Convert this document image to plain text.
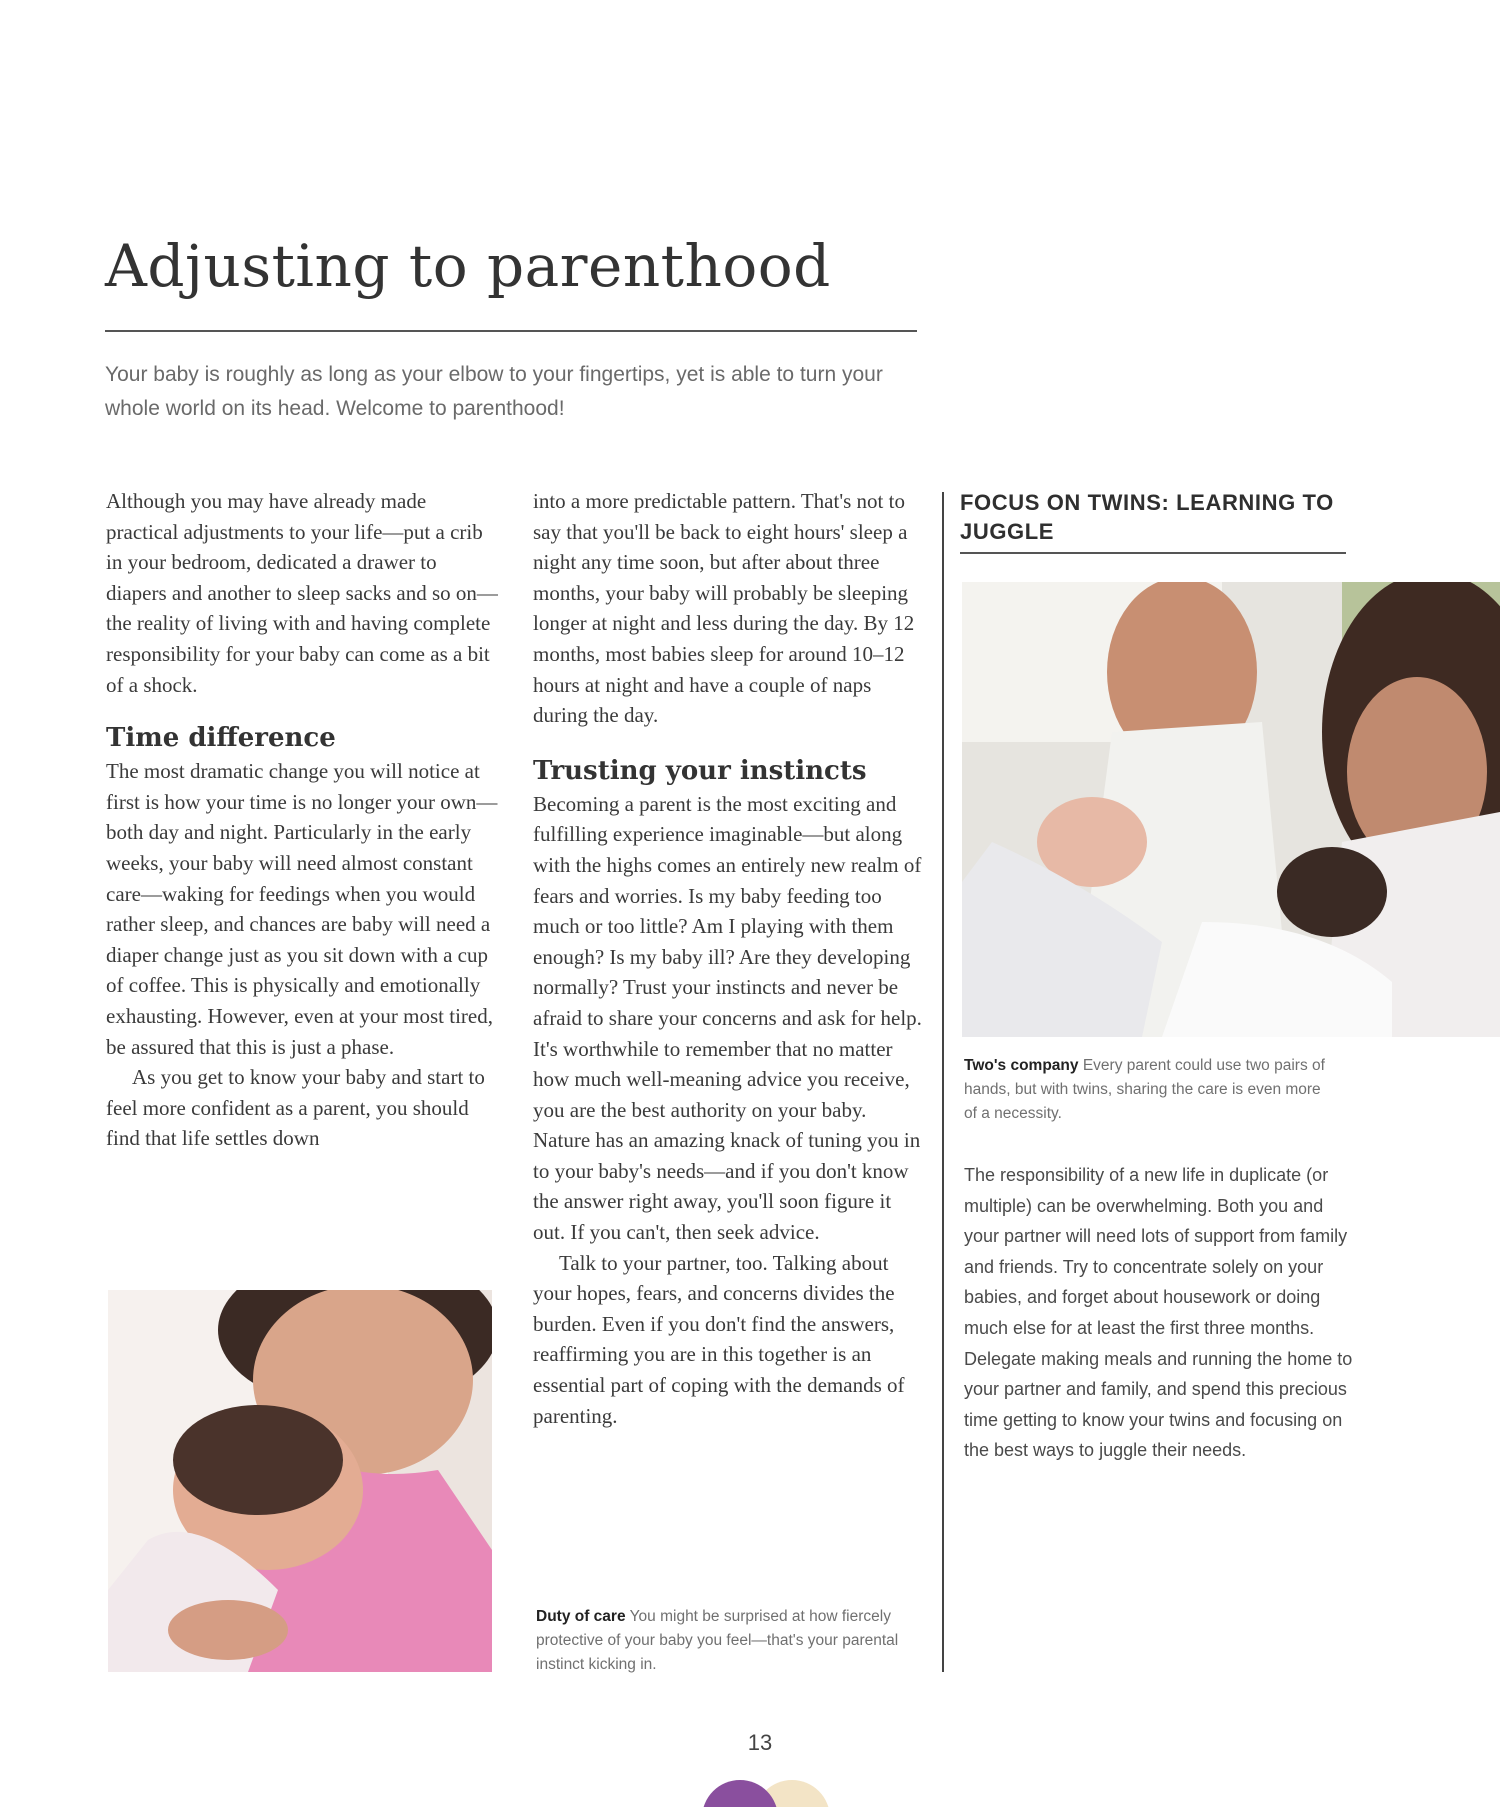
Adjusting to parenthood

Your baby is roughly as long as your elbow to your fingertips, yet is able to turn your whole world on its head. Welcome to parenthood!

Although you may have already made practical adjustments to your life—put a crib in your bedroom, dedicated a drawer to diapers and another to sleep sacks and so on—the reality of living with and having complete responsibility for your baby can come as a bit of a shock.

Time difference

The most dramatic change you will notice at first is how your time is no longer your own—both day and night. Particularly in the early weeks, your baby will need almost constant care—waking for feedings when you would rather sleep, and chances are baby will need a diaper change just as you sit down with a cup of coffee. This is physically and emotionally exhausting. However, even at your most tired, be assured that this is just a phase.

As you get to know your baby and start to feel more confident as a parent, you should find that life settles down

into a more predictable pattern. That's not to say that you'll be back to eight hours' sleep a night any time soon, but after about three months, your baby will probably be sleeping longer at night and less during the day. By 12 months, most babies sleep for around 10–12 hours at night and have a couple of naps during the day.

Trusting your instincts

Becoming a parent is the most exciting and fulfilling experience imaginable—but along with the highs comes an entirely new realm of fears and worries. Is my baby feeding too much or too little? Am I playing with them enough? Is my baby ill? Are they developing normally? Trust your instincts and never be afraid to share your concerns and ask for help. It's worthwhile to remember that no matter how much well-meaning advice you receive, you are the best authority on your baby. Nature has an amazing knack of tuning you in to your baby's needs—and if you don't know the answer right away, you'll soon figure it out. If you can't, then seek advice.

Talk to your partner, too. Talking about your hopes, fears, and concerns divides the burden. Even if you don't find the answers, reaffirming you are in this together is an essential part of coping with the demands of parenting.

Duty of care You might be surprised at how fiercely protective of your baby you feel—that's your parental instinct kicking in.

FOCUS ON TWINS: LEARNING TO JUGGLE

Two's company Every parent could use two pairs of hands, but with twins, sharing the care is even more of a necessity.

The responsibility of a new life in duplicate (or multiple) can be overwhelming. Both you and your partner will need lots of support from family and friends. Try to concentrate solely on your babies, and forget about housework or doing much else for at least the first three months. Delegate making meals and running the home to your partner and family, and spend this precious time getting to know your twins and focusing on the best ways to juggle their needs.

13
